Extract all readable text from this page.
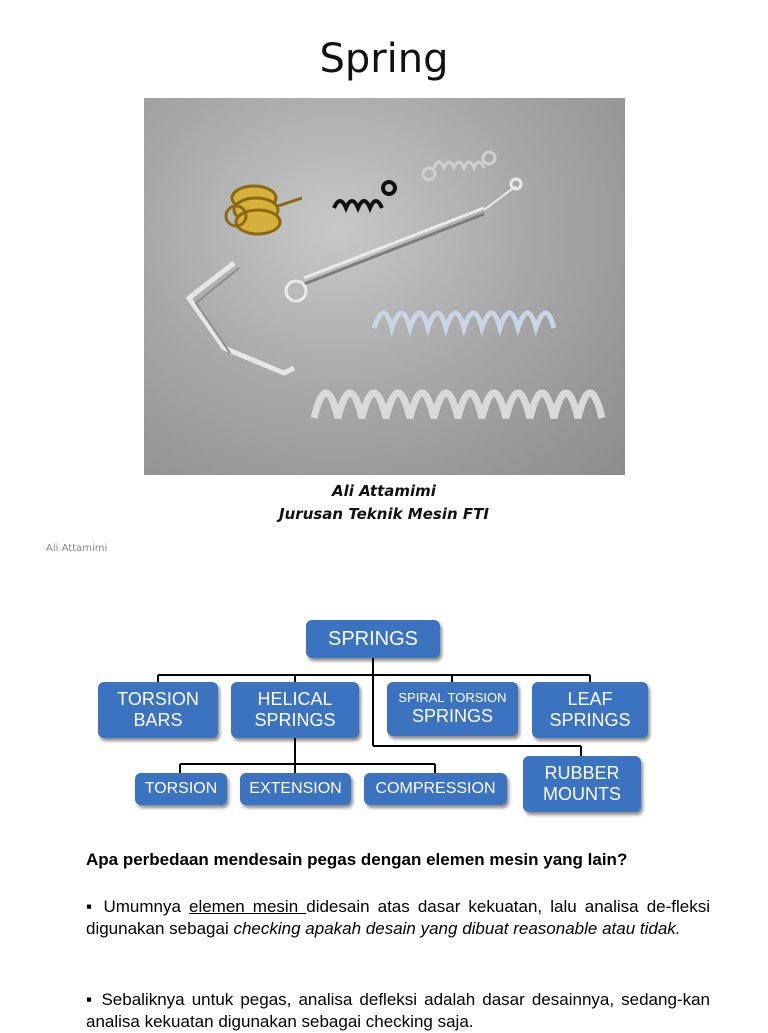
Spring
Ali Attamimi
Jurusan Teknik Mesin FTI
Ali Attamimi
SPRINGS
TORSION
BARS
HELICAL
SPRINGS
SPIRAL TORSION
SPRINGS
LEAF
SPRINGS
RUBBER
MOUNTS
TORSION EXTENSION COMPRESSION
Apa perbedaan mendesain pegas dengan elemen mesin yang lain?
▪ Umumnya elemen mesin didesain atas dasar kekuatan, lalu analisa de-fleksi digunakan sebagai checking apakah desain yang dibuat reasonable atau tidak.
▪ Sebaliknya untuk pegas, analisa defleksi adalah dasar desainnya, sedang-kan analisa kekuatan digunakan sebagai checking saja.
